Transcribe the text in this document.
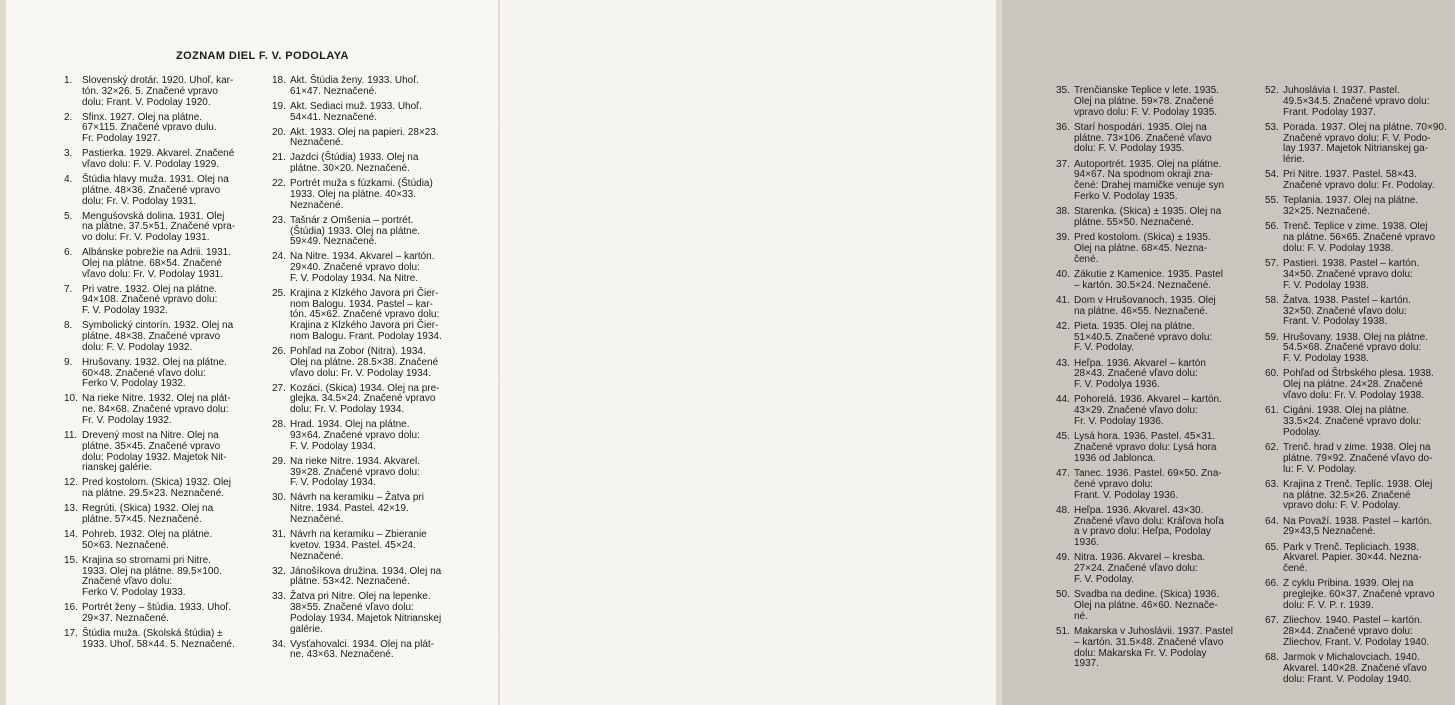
ZOZNAM DIEL F. V. PODOLAYA
1. Slovenský drotár. 1920. Uhoľ, kar-
tón. 32×26. 5. Značené vpravo
dolu: Frant. V. Podolay 1920.
2. Sfinx. 1927. Olej na plátne.
67×115. Značené vpravo dulu.
Fr. Podolay 1927.
3. Pastierka. 1929. Akvarel. Značené
vľavo dolu: F. V. Podolay 1929.
4. Štúdia hlavy muža. 1931. Olej na
plátne. 48×36. Značené vpravo
dolu: Fr. V. Podolay 1931.
5. Menguśovská dolina. 1931. Olej
na plátne. 37.5×51. Značené vpra-
vo dolu: Fr. V. Podolay 1931.
6. Albánske pobrežie na Adrii. 1931.
Olej na plátne. 68×54. Značené
vľavo dolu: Fr. V. Podolay 1931.
7. Pri vatre. 1932. Olej na plátne.
94×108. Značené vpravo dolu:
F. V. Podolay 1932.
8. Symbolický cintorín. 1932. Olej na
plátne. 48×38. Značené vpravo
dolu: F. V. Podolay 1932.
9. Hrušovany. 1932. Olej na plátne.
60×48. Značené vľavo dolu:
Ferko V. Podolay 1932.
10. Na rieke Nitre. 1932. Olej na plát-
ne. 84×68. Značené vpravo dolu:
Fr. V. Podolay 1932.
11. Drevený most na Nitre. Olej na
plátne. 35×45. Značené vpravo
dolu: Podolay 1932. Majetok Nit-
rianskej galérie.
12. Pred kostolom. (Skica) 1932. Olej
na plátne. 29.5×23. Neznačené.
13. Regrúti. (Skica) 1932. Olej na
plátne. 57×45. Neznačené.
14. Pohreb. 1932. Olej na plátne.
50×63. Neznačené.
15. Krajina so stromami pri Nitre.
1933. Olej na plátne. 89.5×100.
Značené vľavo dolu:
Ferko V. Podolay 1933.
16. Portrét ženy – štúdia. 1933. Uhoľ.
29×37. Neznačené.
17. Štúdia muža. (Skolská štúdia) ±
1933. Uhoľ. 58×44. 5. Neznačené.
18. Akt. Štúdia ženy. 1933. Uhoľ.
61×47. Neznačené.
19. Akt. Sediaci muž. 1933. Uhoľ.
54×41. Neznačené.
20. Akt. 1933. Olej na papieri. 28×23.
Neznačené.
21. Jazdci (Štúdia) 1933. Olej na
plátne. 30×20. Neznačené.
22. Portrét muža s fúzkami. (Štúdia)
1933. Olej na plátne. 40×33.
Neznačené.
23. Tašnár z Omšenia – portrét.
(Štúdia) 1933. Olej na plátne.
59×49. Neznačené.
24. Na Nitre. 1934. Akvarel – kartón.
29×40. Značené vpravo dolu:
F. V. Podolay 1934. Na Nitre.
25. Krajina z Klzkého Javora pri Čier-
nom Balogu. 1934. Pastel – kar-
tón. 45×62. Značené vpravo dolu:
Krajina z Klzkého Javora pri Čier-
nom Balogu. Frant. Podolay 1934.
26. Pohľad na Zobor (Nitra). 1934.
Olej na plátne. 28.5×38. Značené
vľavo dolu: Fr. V. Podolay 1934.
27. Kozáci. (Skica) 1934. Olej na pre-
glejka. 34.5×24. Značené vpravo
dolu: Fr. V. Podolay 1934.
28. Hrad. 1934. Olej na plátne.
93×64. Značené vpravo dolu:
F. V. Podolay 1934.
29. Na rieke Nitre. 1934. Akvarel.
39×28. Značené vpravo dolu:
F. V. Podolay 1934.
30. Návrh na keramiku – Žatva pri
Nitre. 1934. Pastel. 42×19.
Neznačené.
31. Návrh na keramiku – Zbieranie
kvetov. 1934. Pastel. 45×24.
Neznačené.
32. Jánošíkova družina. 1934. Olej na
plátne. 53×42. Neznačené.
33. Žatva pri Nitre. Olej na lepenke.
38×55. Značené vľavo dolu:
Podolay 1934. Majetok Nitrianskej
galérie.
34. Vysťahovalci. 1934. Olej na plát-
ne. 43×63. Neznačené.
35. Trenčianske Teplice v lete. 1935.
Olej na plátne. 59×78. Značené
vpravo dolu: F. V. Podolay 1935.
36. Starí hospodári. 1935. Olej na
plátne. 73×106. Značené vľavo
dolu: F. V. Podolay 1935.
37. Autoportrét. 1935. Olej na plátne.
94×67. Na spodnom okraji zna-
čené: Drahej mamičke venuje syn
Ferko V. Podolay 1935.
38. Starenka. (Skica) ± 1935. Olej na
plátne. 55×50. Neznačené.
39. Pred kostolom. (Skica) ± 1935.
Olej na plátne. 68×45. Nezna-
čené.
40. Zákutie z Kamenice. 1935. Pastel
– kartón. 30.5×24. Neznačené.
41. Dom v Hrušovanoch. 1935. Olej
na plátne. 46×55. Neznačené.
42. Pieta. 1935. Olej na plátne.
51×40.5. Značené vpravo dolu:
F. V. Podolay.
43. Heľpa. 1936. Akvarel – kartón
28×43. Značené vľavo dolu:
F. V. Podolya 1936.
44. Pohorelá. 1936. Akvarel – kartón.
43×29. Značené vľavo dolu:
Fr. V. Podolay 1936.
45. Lysá hora. 1936. Pastel. 45×31.
Značené vpravo dolu: Lysá hora
1936 od Jablonca.
47. Tanec. 1936. Pastel. 69×50. Zna-
čené vpravo dolu:
Frant. V. Podolay 1936.
48. Heľpa. 1936. Akvarel. 43×30.
Značené vľavo dolu: Kráľova hoľa
a v pravo dolu: Heľpa, Podolay
1936.
49. Nitra. 1936. Akvarel – kresba.
27×24. Značené vľavo dolu:
F. V. Podolay.
50. Svadba na dedine. (Skica) 1936.
Olej na plátne. 46×60. Neznače-
né.
51. Makarska v Juhoslávii. 1937. Pastel
– kartón. 31.5×48. Značené vľavo
dolu: Makarska Fr. V. Podolay
1937.
52. Juhoslávia I. 1937. Pastel.
49.5×34.5. Značené vpravo dolu:
Frant. Podolay 1937.
53. Porada. 1937. Olej na plátne. 70×90.
Značené vpravo dolu: F. V. Podo-
lay 1937. Majetok Nitrianskej ga-
lérie.
54. Pri Nitre. 1937. Pastel. 58×43.
Značené vpravo dolu: Fr. Podolay.
55. Teplania. 1937. Olej na plátne.
32×25. Neznačené.
56. Trenč. Teplice v zime. 1938. Olej
na plátne. 56×65. Značené vpravo
dolu: F. V. Podolay 1938.
57. Pastieri. 1938. Pastel – kartón.
34×50. Značené vpravo dolu:
F. V. Podolay 1938.
58. Žatva. 1938. Pastel – kartón.
32×50. Značené vľavo dolu:
Frant. V. Podolay 1938.
59. Hrušovany. 1938. Olej na plátne.
54.5×68. Značené vpravo dolu:
F. V. Podolay 1938.
60. Pohľad od Štrbského plesa. 1938.
Olej na plátne. 24×28. Značené
vľavo dolu: Fr. V. Podolay 1938.
61. Cigáni. 1938. Olej na plátne.
33.5×24. Značené vpravo dolu:
Podolay.
62. Trenč. hrad v zime. 1938. Olej na
plátne. 79×92. Značené vľavo do-
lu: F. V. Podolay.
63. Krajina z Trenč. Teplíc. 1938. Olej
na plátne. 32.5×26. Značené
vpravo dolu: F. V. Podolay.
64. Na Považí. 1938. Pastel – kartón.
29×43,5 Neznačené.
65. Park v Trenč. Tepliciach. 1938.
Akvarel. Papier. 30×44. Nezna-
čené.
66. Z cyklu Pribina. 1939. Olej na
preglejke. 60×37. Značené vpravo
dolu: F. V. P. r. 1939.
67. Zliechov. 1940. Pastel – kartón.
28×44. Značené vpravo dolu:
Zliechov, Frant. V. Podolay 1940.
68. Jarmok v Michalovciach. 1940.
Akvarel. 140×28. Značené vľavo
dolu: Frant. V. Podolay 1940.
